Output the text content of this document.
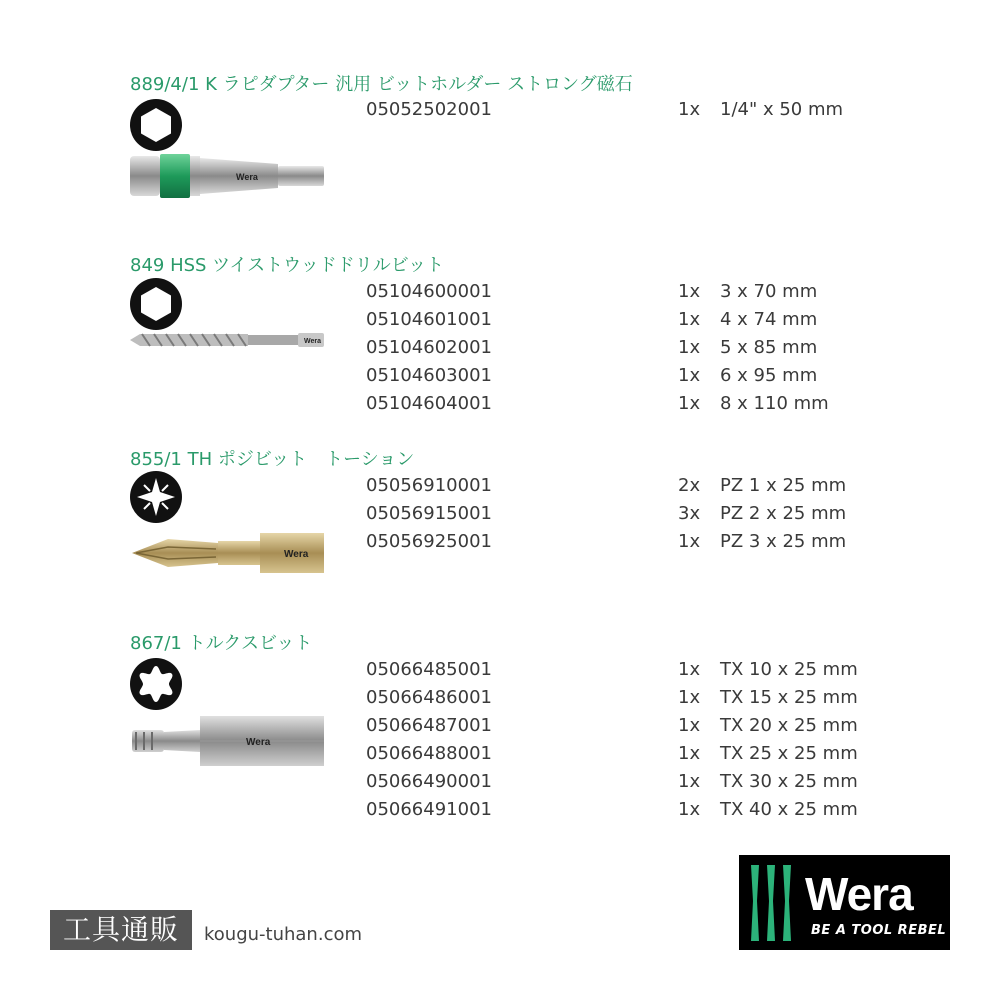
889/4/1 K ラピダプター 汎用 ビットホルダー ストロング磁石
Wera
05052502001	1x 1/4" x 50 mm
849 HSS ツイストウッドドリルビット
Wera
05104600001	1x 3 x 70 mm
05104601001	1x 4 x 74 mm
05104602001	1x 5 x 85 mm
05104603001	1x 6 x 95 mm
05104604001	1x 8 x 110 mm
855/1 TH ポジビット　トーション
Wera
05056910001	2x PZ 1 x 25 mm
05056915001	3x PZ 2 x 25 mm
05056925001	1x PZ 3 x 25 mm
867/1 トルクスビット
Wera
05066485001	1x TX 10 x 25 mm
05066486001	1x TX 15 x 25 mm
05066487001	1x TX 20 x 25 mm
05066488001	1x TX 25 x 25 mm
05066490001	1x TX 30 x 25 mm
05066491001	1x TX 40 x 25 mm
工具通販	kougu-tuhan.com
Wera
BE A TOOL REBEL
